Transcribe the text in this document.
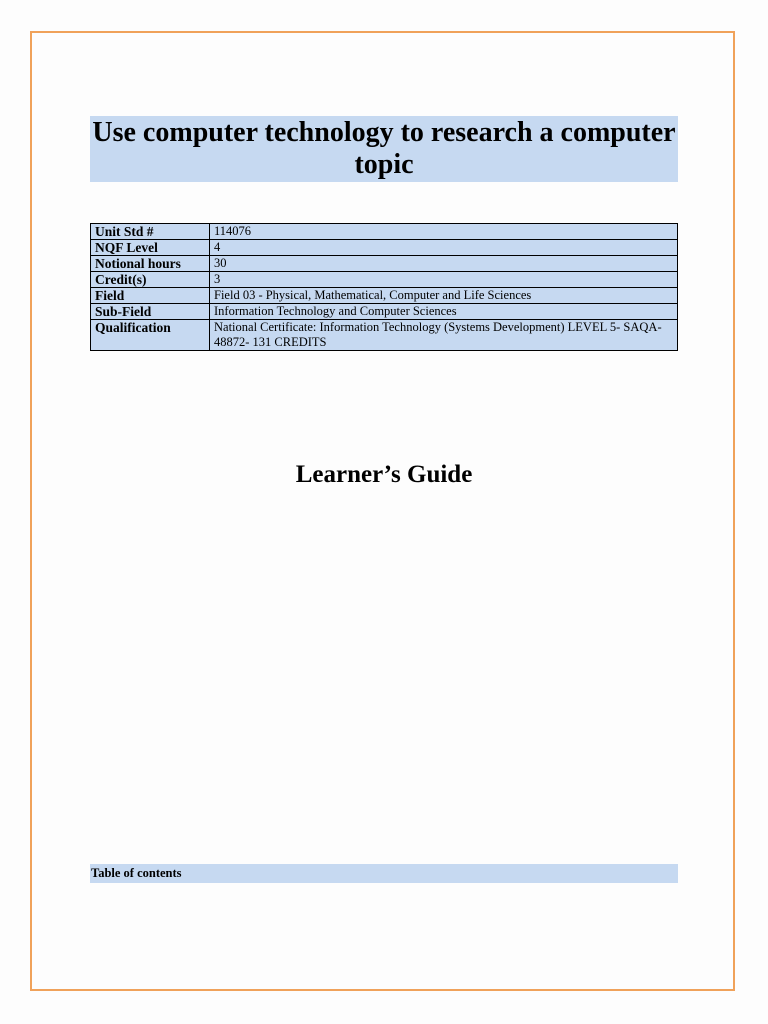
Use computer technology to research a computer topic
Unit Std #	114076
NQF Level	4
Notional hours	30
Credit(s)	3
Field	Field 03 - Physical, Mathematical, Computer and Life Sciences
Sub-Field	Information Technology and Computer Sciences
Qualification	National Certificate: Information Technology (Systems Development) LEVEL 5- SAQA- 48872- 131 CREDITS
Learner’s Guide
Table of contents
